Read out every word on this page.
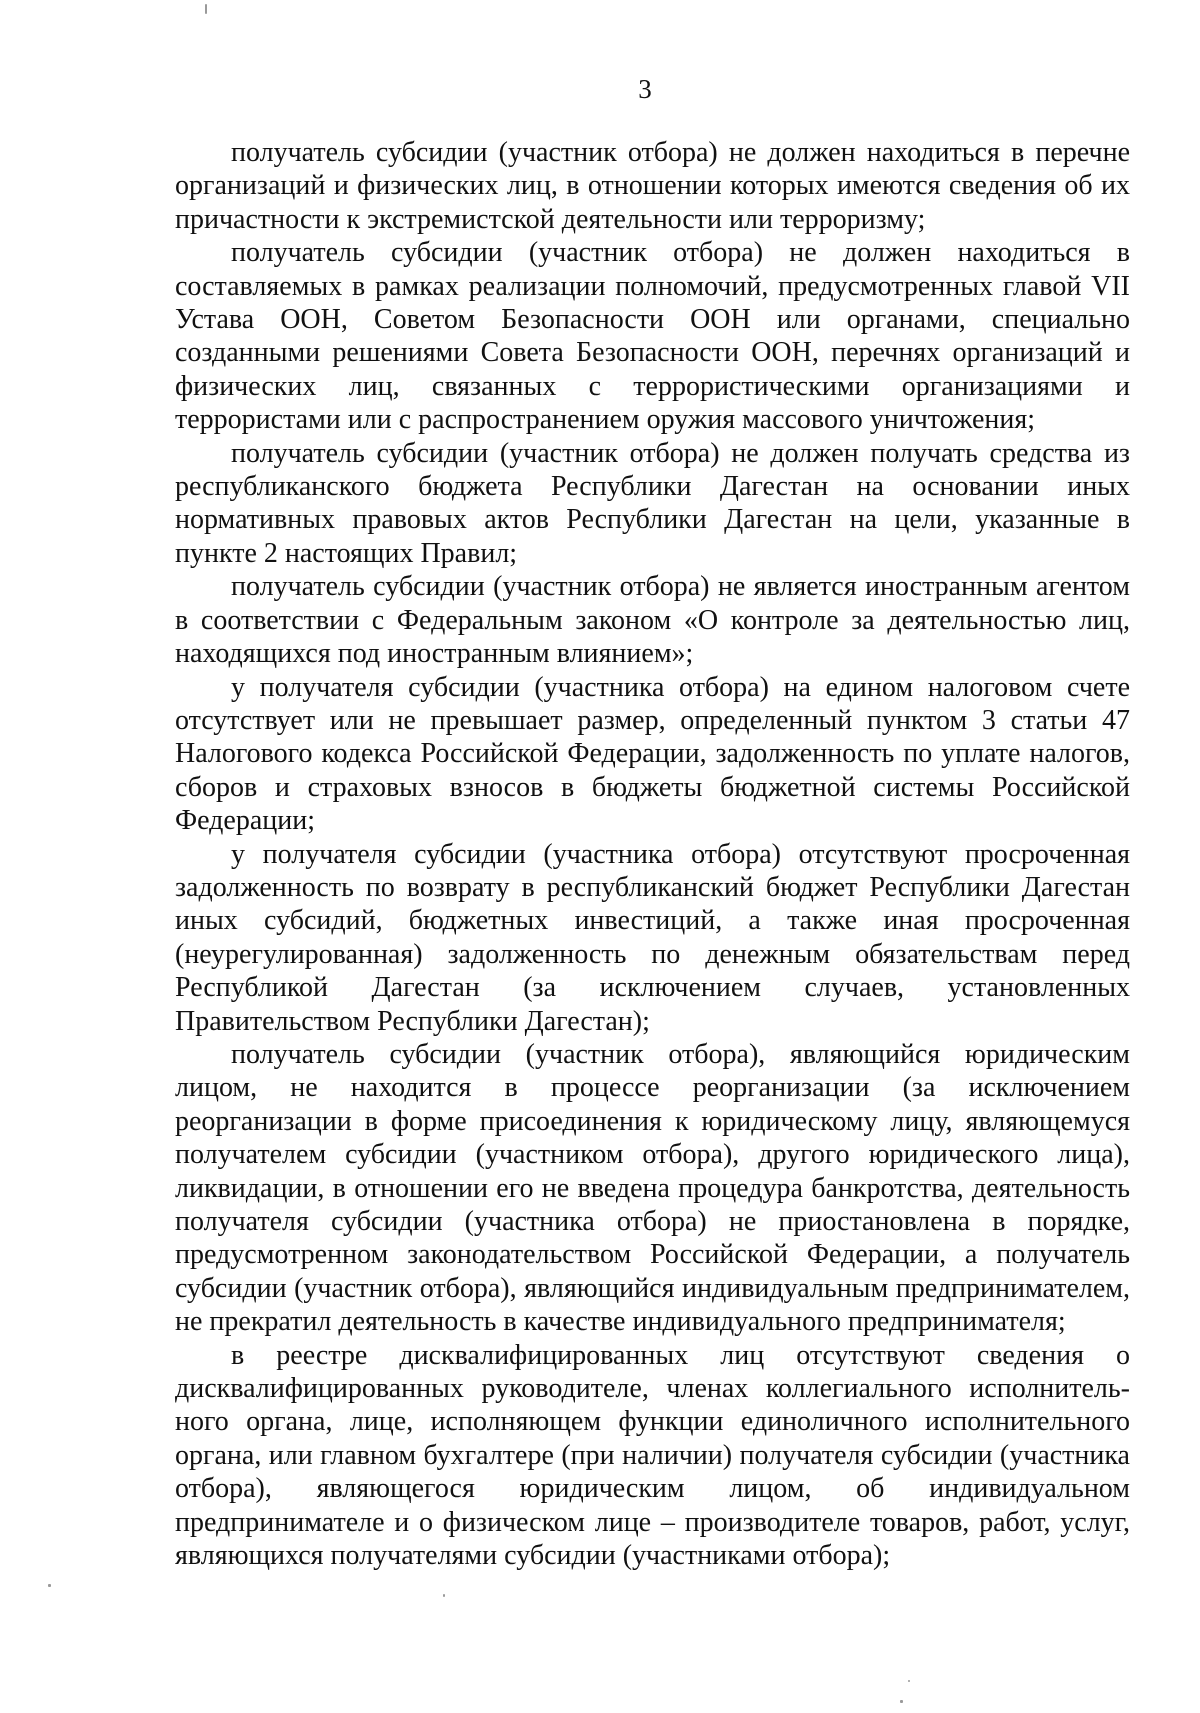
3

получатель субсидии (участник отбора) не должен находиться в перечне организаций и физических лиц, в отношении которых имеются сведения об их причастности к экстремистской деятельности или терроризму;

получатель субсидии (участник отбора) не должен находиться в составляемых в рамках реализации полномочий, предусмотренных главой VII Устава ООН, Советом Безопасности ООН или органами, специально созданными решениями Совета Безопасности ООН, перечнях организаций и физических лиц, связанных с террористическими организациями и террористами или с распространением оружия массового уничтожения;

получатель субсидии (участник отбора) не должен получать средства из республиканского бюджета Республики Дагестан на основании иных нормативных правовых актов Республики Дагестан на цели, указанные в пункте 2 настоящих Правил;

получатель субсидии (участник отбора) не является иностранным агентом в соответствии с Федеральным законом «О контроле за деятельностью лиц, находящихся под иностранным влиянием»;

у получателя субсидии (участника отбора) на едином налоговом счете отсутствует или не превышает размер, определенный пунктом 3 статьи 47 Налогового кодекса Российской Федерации, задолженность по уплате налогов, сборов и страховых взносов в бюджеты бюджетной системы Российской Федерации;

у получателя субсидии (участника отбора) отсутствуют просроченная задолженность по возврату в республиканский бюджет Республики Дагестан иных субсидий, бюджетных инвестиций, а также иная просроченная (неурегулированная) задолженность по денежным обязательствам перед Республикой Дагестан (за исключением случаев, установленных Правительством Республики Дагестан);

получатель субсидии (участник отбора), являющийся юридическим лицом, не находится в процессе реорганизации (за исключением реорганизации в форме присоединения к юридическому лицу, являющемуся получателем субсидии (участником отбора), другого юридического лица), ликвидации, в отношении его не введена процедура банкротства, деятельность получателя субсидии (участника отбора) не приостановлена в порядке, предусмотренном законодательством Российской Федерации, а получатель субсидии (участник отбора), являющийся индивидуальным предпринимателем, не прекратил деятельность в качестве индивидуального предпринимателя;

в реестре дисквалифицированных лиц отсутствуют сведения о дисквалифицированных руководителе, членах коллегиального исполнительного органа, лице, исполняющем функции единоличного исполнительного органа, или главном бухгалтере (при наличии) получателя субсидии (участника отбора), являющегося юридическим лицом, об индивидуальном предпринимателе и о физическом лице – производителе товаров, работ, услуг, являющихся получателями субсидии (участниками отбора);
